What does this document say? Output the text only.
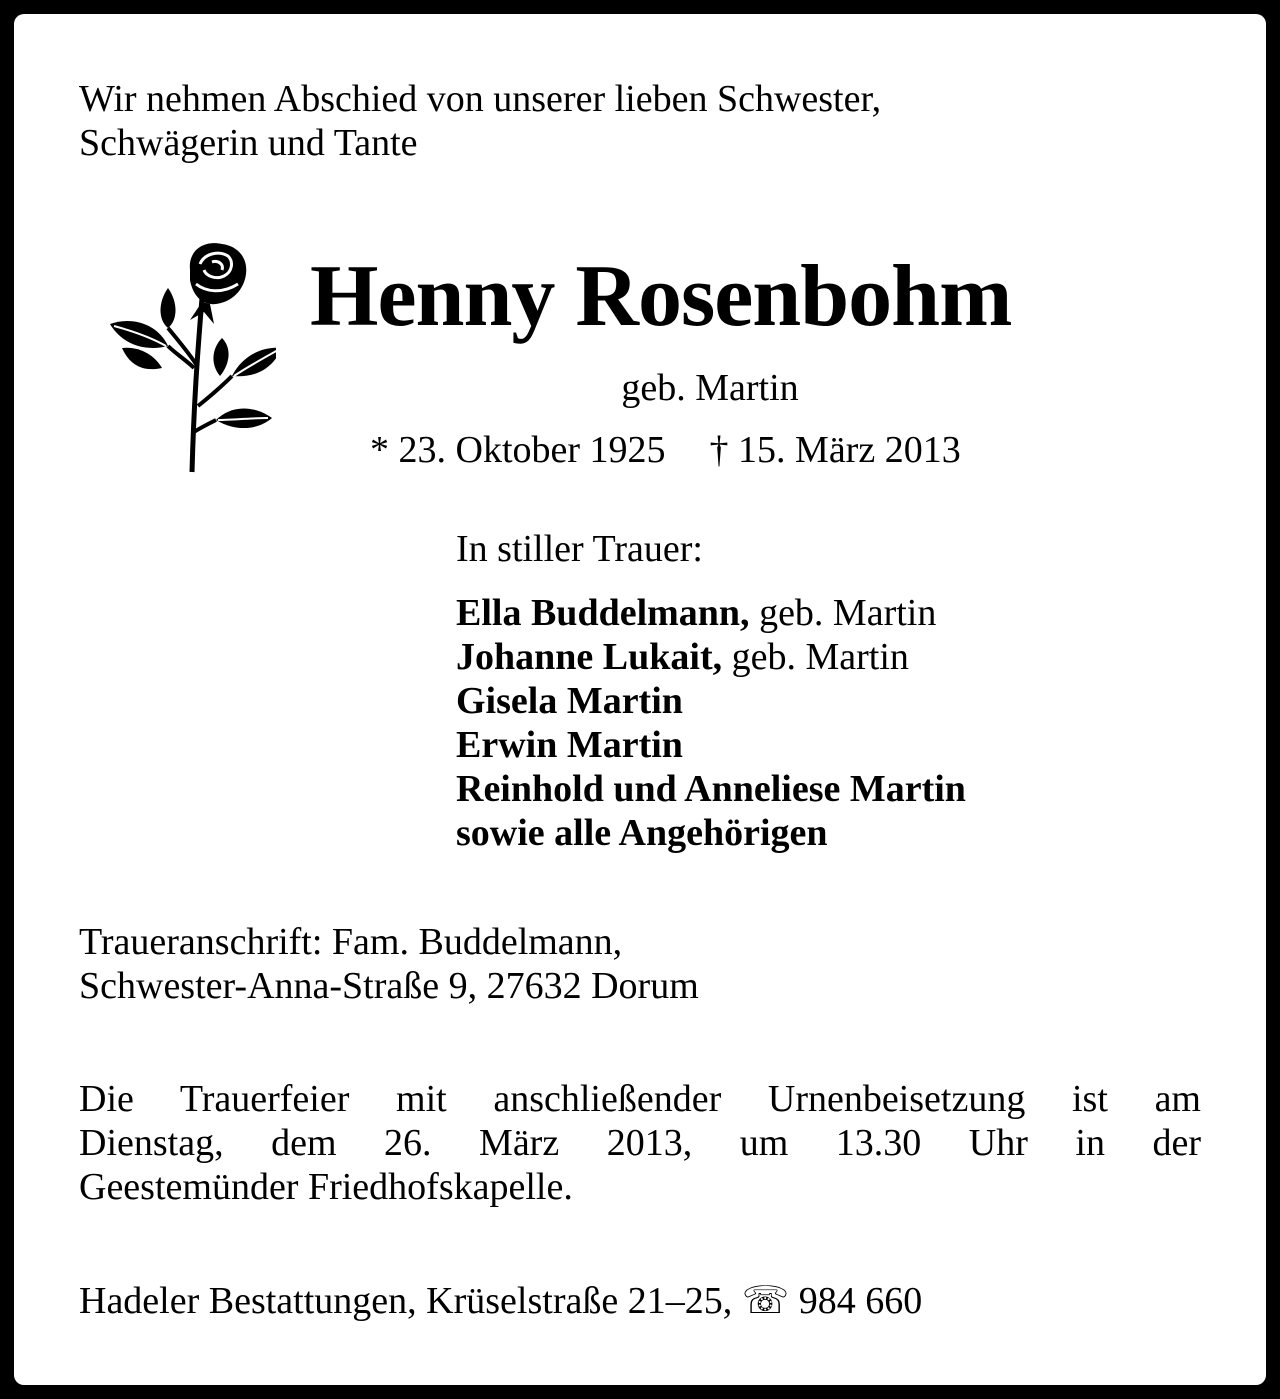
Wir nehmen Abschied von unserer lieben Schwester,
Schwägerin und Tante
Henny Rosenbohm
geb. Martin
* 23. Oktober 1925 † 15. März 2013
In stiller Trauer:
Ella Buddelmann, geb. Martin
Johanne Lukait, geb. Martin
Gisela Martin
Erwin Martin
Reinhold und Anneliese Martin
sowie alle Angehörigen
Traueranschrift: Fam. Buddelmann,
Schwester-Anna-Straße 9, 27632 Dorum
Die Trauerfeier mit anschließender Urnenbeisetzung ist am
Dienstag, dem 26. März 2013, um 13.30 Uhr in der
Geestemünder Friedhofskapelle.
Hadeler Bestattungen, Krüselstraße 21–25, ☏ 984 660
